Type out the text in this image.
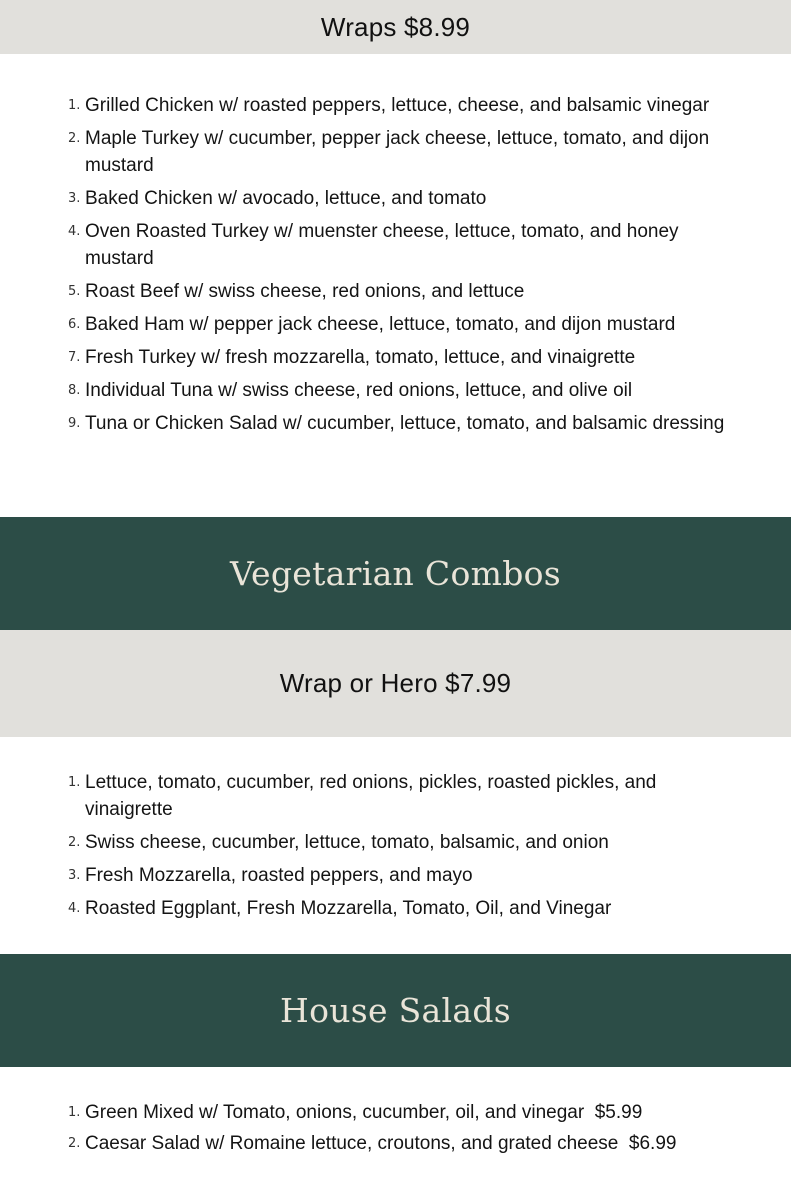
Wraps $8.99
1. Grilled Chicken w/ roasted peppers, lettuce, cheese, and balsamic vinegar
2. Maple Turkey w/ cucumber, pepper jack cheese, lettuce, tomato, and dijon mustard
3. Baked Chicken w/ avocado, lettuce, and tomato
4. Oven Roasted Turkey w/ muenster cheese, lettuce, tomato, and honey mustard
5. Roast Beef w/ swiss cheese, red onions, and lettuce
6. Baked Ham w/ pepper jack cheese, lettuce, tomato, and dijon mustard
7. Fresh Turkey w/ fresh mozzarella, tomato, lettuce, and vinaigrette
8. Individual Tuna w/ swiss cheese, red onions, lettuce, and olive oil
9. Tuna or Chicken Salad w/ cucumber, lettuce, tomato, and balsamic dressing
Vegetarian Combos
Wrap or Hero $7.99
1. Lettuce, tomato, cucumber, red onions, pickles, roasted pickles, and vinaigrette
2. Swiss cheese, cucumber, lettuce, tomato, balsamic, and onion
3. Fresh Mozzarella, roasted peppers, and mayo
4. Roasted Eggplant, Fresh Mozzarella, Tomato, Oil, and Vinegar
House Salads
1. Green Mixed w/ Tomato, onions, cucumber, oil, and vinegar  $5.99
2. Caesar Salad w/ Romaine lettuce, croutons, and grated cheese  $6.99
